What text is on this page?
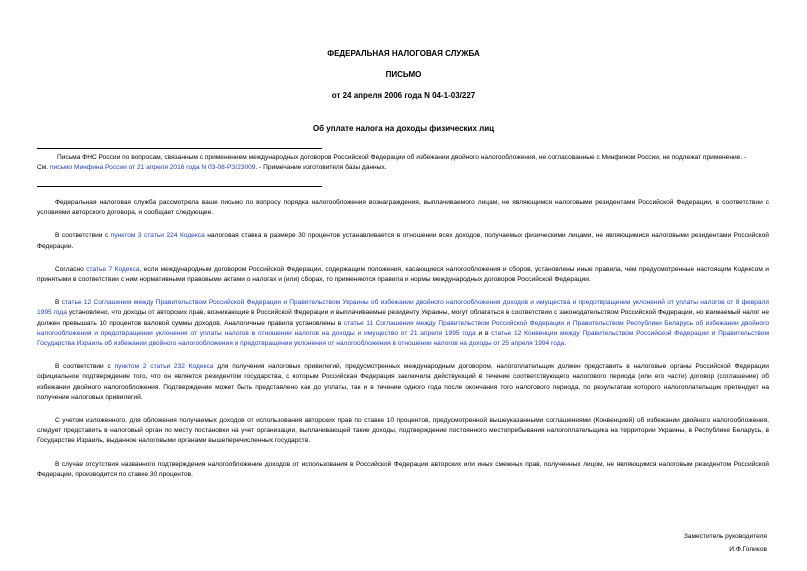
ФЕДЕРАЛЬНАЯ НАЛОГОВАЯ СЛУЖБА
ПИСЬМО
от 24 апреля 2006 года N 04-1-03/227
Об уплате налога на доходы физических лиц

Письма ФНС России по вопросам, связанным с применением международных договоров Российской Федерации об избежании двойного налогообложения, не согласованные с Минфином России, не подлежат применение. -

См. письмо Минфина России от 21 апреля 2016 года N 03-08-РЗ/23009. - Примечание изготовителя базы данных.

Федеральная налоговая служба рассмотрела ваше письмо по вопросу порядка налогообложения вознаграждения, выплачиваемого лицам, не являющимся налоговыми резидентами Российской Федерации, в соответствии с условиями авторского договора, и сообщает следующее.

В соответствии с пунктом 3 статьи 224 Кодекса налоговая ставка в размере 30 процентов устанавливается в отношении всех доходов, получаемых физическими лицами, не являющимися налоговыми резидентами Российской Федерации.

Согласно статье 7 Кодекса, если международным договором Российской Федерации, содержащим положения, касающиеся налогообложения и сборов, установлены иные правила, чем предусмотренные настоящим Кодексом и принятыми в соответствии с ним нормативными правовыми актами о налогах и (или) сборах, то применяются правила и нормы международных договоров Российской Федерации.

В статье 12 Соглашения между Правительством Российской Федерации и Правительством Украины об избежании двойного налогообложения доходов и имущества и предотвращении уклонений от уплаты налогов от 8 февраля 1995 года установлено, что доходы от авторских прав, возникающие в Российской Федерации и выплачиваемые резиденту Украины, могут облагаться в соответствии с законодательством Российской Федерации, но взимаемый налог не должен превышать 10 процентов валовой суммы доходов. Аналогичные правила установлены в статье 11 Соглашения между Правительством Российской Федерации и Правительством Республики Беларусь об избежании двойного налогообложения и предотвращении уклонения от уплаты налогов в отношении налогов на доходы и имущество от 21 апреля 1995 года и в статье 12 Конвенции между Правительством Российской Федерации и Правительством Государства Израиль об избежании двойного налогообложения и предотвращении уклонения от налогообложения в отношении налогов на доходы от 25 апреля 1994 года.

В соответствии с пунктом 2 статьи 232 Кодекса для получения налоговых привилегий, предусмотренных международным договором, налогоплательщик должен представить в налоговые органы Российской Федерации официальное подтверждение того, что он является резидентом государства, с которым Российская Федерация заключила действующий в течение соответствующего налогового периода (или его части) договор (соглашение) об избежании двойного налогообложения. Подтверждение может быть представлено как до уплаты, так и в течение одного года после окончания того налогового периода, по результатам которого налогоплательщик претендует на получение налоговых привилегий.

С учетом изложенного, для обложения получаемых доходов от использования авторских прав по ставке 10 процентов, предусмотренной вышеуказанными соглашениями (Конвенцией) об избежании двойного налогообложения, следует представить в налоговый орган по месту постановки на учет организации, выплачивающей такие доходы, подтверждение постоянного местопребывания налогоплательщика на территории Украины, в Республике Беларусь, в Государстве Израиль, выданное налоговыми органами вышеперечисленных государств.

В случае отсутствия названного подтверждения налогообложение доходов от использования в Российской Федерации авторских или иных смежных прав, полученных лицом, не являющимся налоговым резидентом Российской Федерации, производится по ставке 30 процентов.

Заместитель руководителя
И.Ф.Голиков
